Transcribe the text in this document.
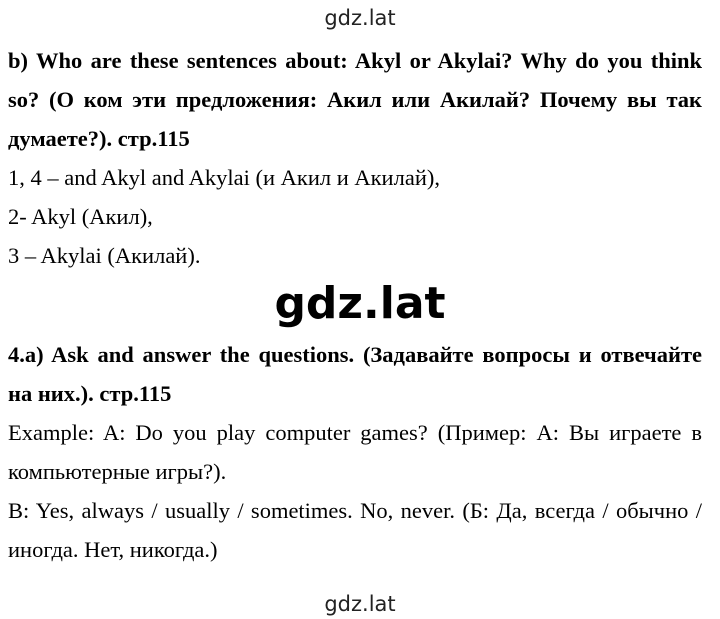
gdz.lat
b) Who are these sentences about: Akyl or Akylai? Why do you think so? (О ком эти предложения: Акил или Акилай? Почему вы так думаете?). стр.115
1, 4 – and Akyl and Akylai (и Акил и Акилай),
2- Akyl (Акил),
3 – Akylai (Акилай).
gdz.lat
4.a) Ask and answer the questions. (Задавайте вопросы и отвечайте на них.). стр.115
Example: A: Do you play computer games? (Пример: А: Вы играете в компьютерные игры?).
B: Yes, always / usually / sometimes. No, never. (Б: Да, всегда / обычно / иногда. Нет, никогда.)
gdz.lat
